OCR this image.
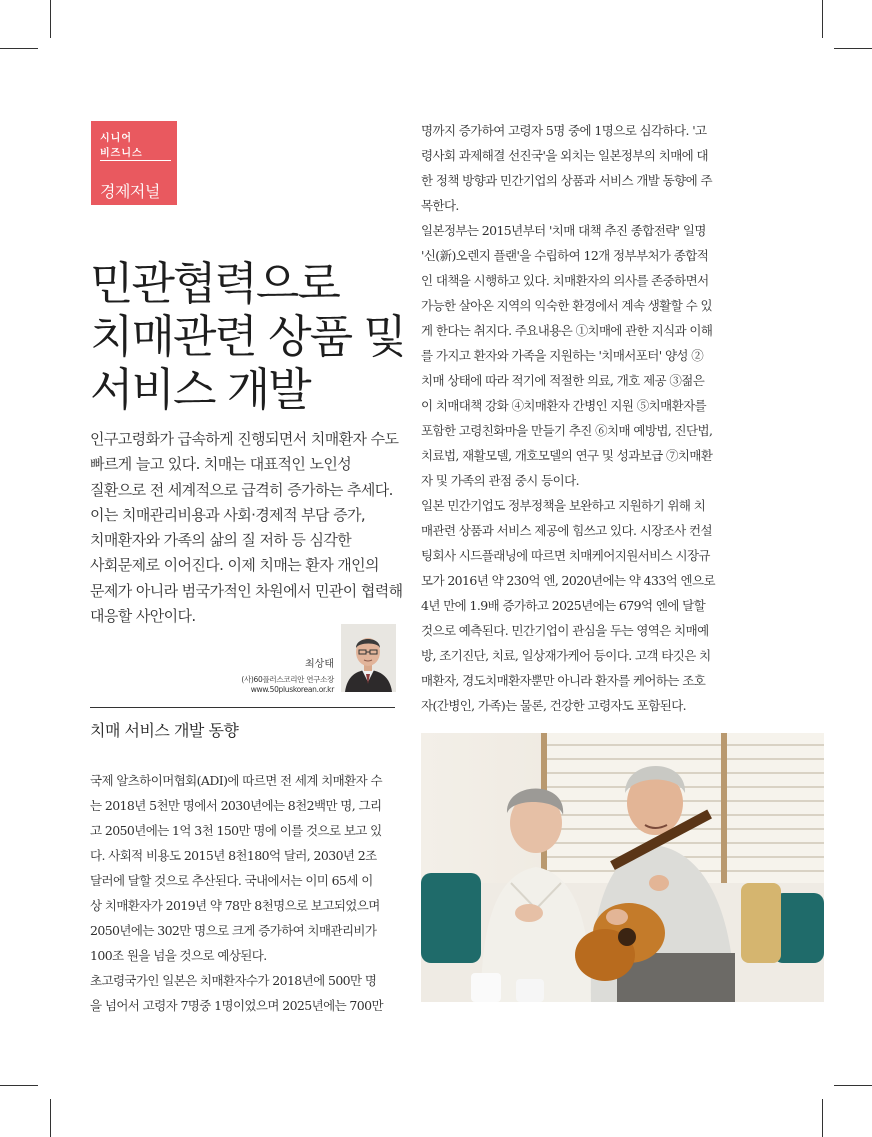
시니어
비즈니스
경제저널
민관협력으로
치매관련 상품 및
서비스 개발
인구고령화가 급속하게 진행되면서 치매환자 수도
빠르게 늘고 있다. 치매는 대표적인 노인성
질환으로 전 세계적으로 급격히 증가하는 추세다.
이는 치매관리비용과 사회·경제적 부담 증가,
치매환자와 가족의 삶의 질 저하 등 심각한
사회문제로 이어진다. 이제 치매는 환자 개인의
문제가 아니라 범국가적인 차원에서 민관이 협력해
대응할 사안이다.
최상태
(사)60플러스코리안 연구소장
www.50pluskorean.or.kr
치매 서비스 개발 동향
국제 알츠하이머협회(ADI)에 따르면 전 세계 치매환자 수
는 2018년 5천만 명에서 2030년에는 8천2백만 명, 그리
고 2050년에는 1억 3천 150만 명에 이를 것으로 보고 있
다. 사회적 비용도 2015년 8천180억 달러, 2030년 2조
달러에 달할 것으로 추산된다. 국내에서는 이미 65세 이
상 치매환자가 2019년 약 78만 8천명으로 보고되었으며
2050년에는 302만 명으로 크게 증가하여 치매관리비가
100조 원을 넘을 것으로 예상된다.
초고령국가인 일본은 치매환자수가 2018년에 500만 명
을 넘어서 고령자 7명중 1명이었으며 2025년에는 700만
명까지 증가하여 고령자 5명 중에 1명으로 심각하다. '고
령사회 과제해결 선진국'을 외치는 일본정부의 치매에 대
한 정책 방향과 민간기업의 상품과 서비스 개발 동향에 주
목한다.
일본정부는 2015년부터 '치매 대책 추진 종합전략' 일명
'신(新)오렌지 플랜'을 수립하여 12개 정부부처가 종합적
인 대책을 시행하고 있다. 치매환자의 의사를 존중하면서
가능한 살아온 지역의 익숙한 환경에서 계속 생활할 수 있
게 한다는 취지다. 주요내용은 ①치매에 관한 지식과 이해
를 가지고 환자와 가족을 지원하는 '치매서포터' 양성 ②
치매 상태에 따라 적기에 적절한 의료, 개호 제공 ③젊은
이 치매대책 강화 ④치매환자 간병인 지원 ⑤치매환자를
포함한 고령친화마을 만들기 추진 ⑥치매 예방법, 진단법,
치료법, 재활모델, 개호모델의 연구 및 성과보급 ⑦치매환
자 및 가족의 관점 중시 등이다.
일본 민간기업도 정부정책을 보완하고 지원하기 위해 치
매관련 상품과 서비스 제공에 힘쓰고 있다. 시장조사 컨설
팅회사 시드플래닝에 따르면 치매케어지원서비스 시장규
모가 2016년 약 230억 엔, 2020년에는 약 433억 엔으로
4년 만에 1.9배 증가하고 2025년에는 679억 엔에 달할
것으로 예측된다. 민간기업이 관심을 두는 영역은 치매예
방, 조기진단, 치료, 일상재가케어 등이다. 고객 타깃은 치
매환자, 경도치매환자뿐만 아니라 환자를 케어하는 조호
자(간병인, 가족)는 물론, 건강한 고령자도 포함된다.
